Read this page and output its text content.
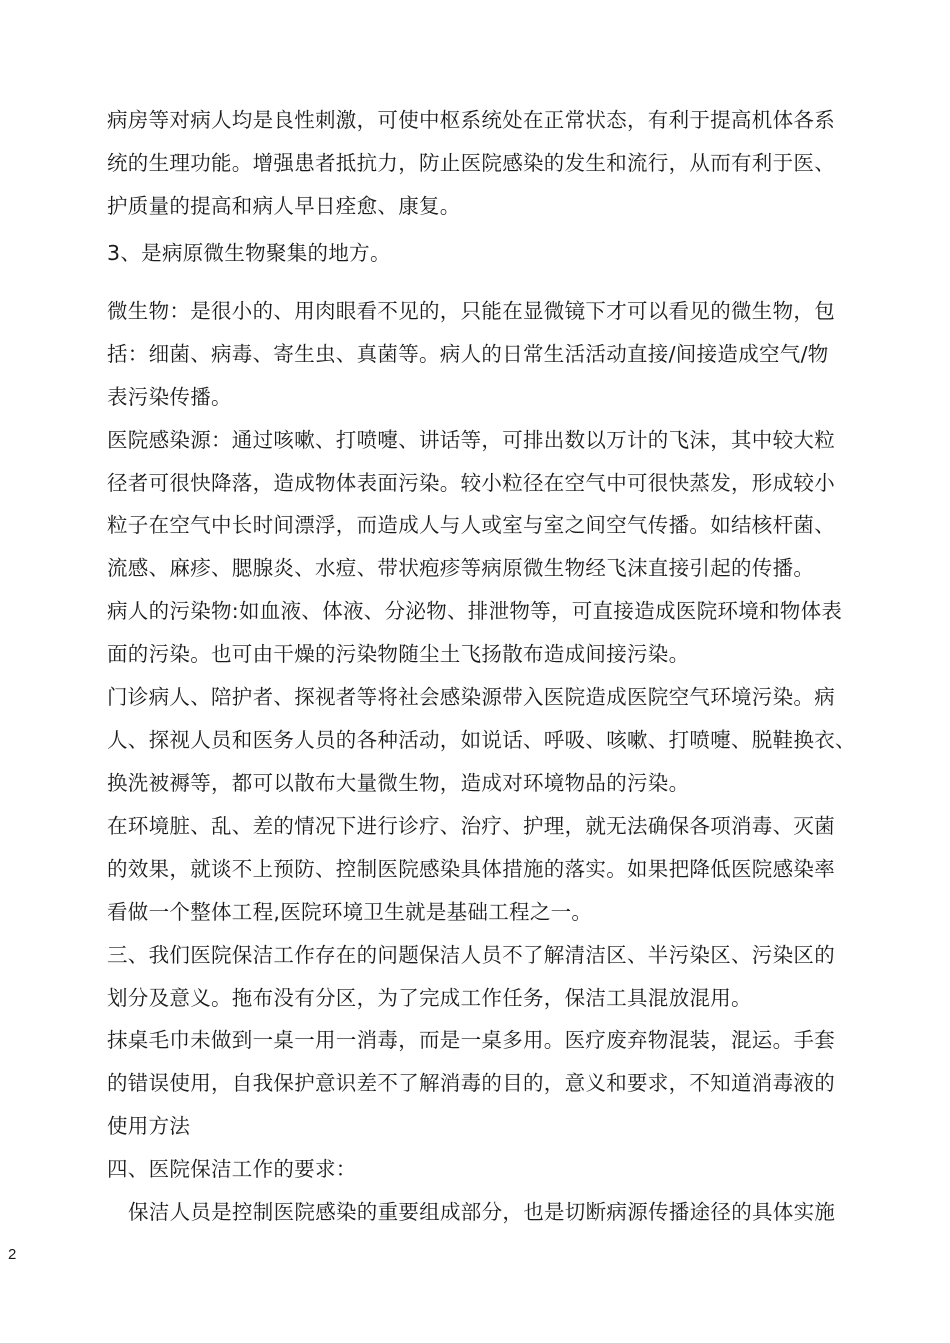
病房等对病人均是良性刺激，可使中枢系统处在正常状态，有利于提高机体各系
统的生理功能。增强患者抵抗力，防止医院感染的发生和流行，从而有利于医、
护质量的提高和病人早日痊愈、康复。
3、是病原微生物聚集的地方。
微生物：是很小的、用肉眼看不见的，只能在显微镜下才可以看见的微生物，包
括：细菌、病毒、寄生虫、真菌等。病人的日常生活活动直接/间接造成空气/物
表污染传播。
医院感染源：通过咳嗽、打喷嚏、讲话等，可排出数以万计的飞沫，其中较大粒
径者可很快降落，造成物体表面污染。较小粒径在空气中可很快蒸发，形成较小
粒子在空气中长时间漂浮，而造成人与人或室与室之间空气传播。如结核杆菌、
流感、麻疹、腮腺炎、水痘、带状疱疹等病原微生物经飞沫直接引起的传播。
病人的污染物:如血液、体液、分泌物、排泄物等，可直接造成医院环境和物体表
面的污染。也可由干燥的污染物随尘土飞扬散布造成间接污染。
门诊病人、陪护者、探视者等将社会感染源带入医院造成医院空气环境污染。病
人、探视人员和医务人员的各种活动，如说话、呼吸、咳嗽、打喷嚏、脱鞋换衣、
换洗被褥等，都可以散布大量微生物，造成对环境物品的污染。
在环境脏、乱、差的情况下进行诊疗、治疗、护理，就无法确保各项消毒、灭菌
的效果，就谈不上预防、控制医院感染具体措施的落实。如果把降低医院感染率
看做一个整体工程,医院环境卫生就是基础工程之一。
三、我们医院保洁工作存在的问题保洁人员不了解清洁区、半污染区、污染区的
划分及意义。拖布没有分区，为了完成工作任务，保洁工具混放混用。
抹桌毛巾未做到一桌一用一消毒，而是一桌多用。医疗废弃物混装，混运。手套
的错误使用，自我保护意识差不了解消毒的目的，意义和要求，不知道消毒液的
使用方法
四、医院保洁工作的要求：
保洁人员是控制医院感染的重要组成部分，也是切断病源传播途径的具体实施
2
